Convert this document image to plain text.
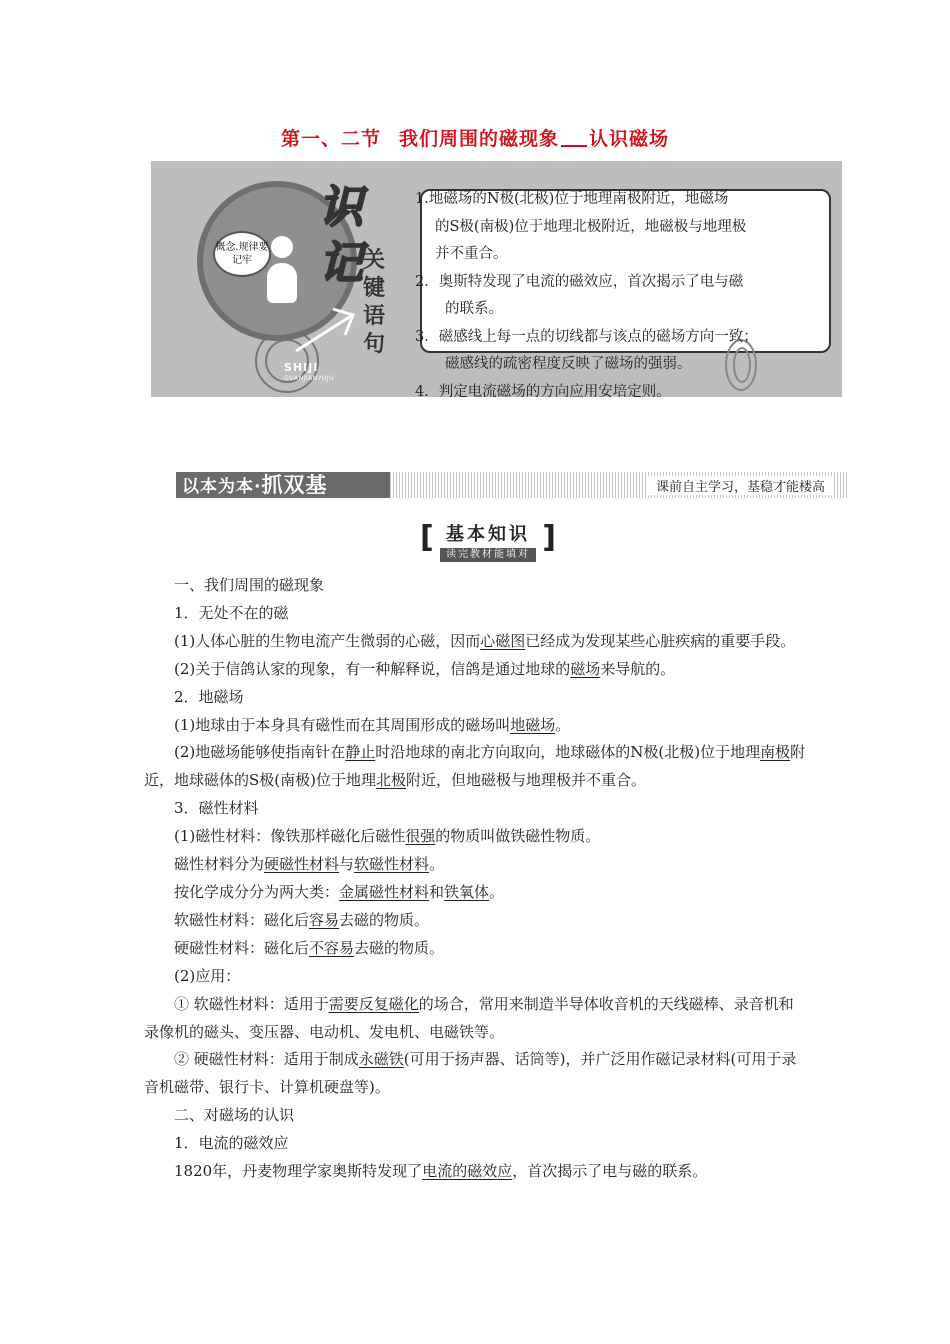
第一、二节 我们周围的磁现象 认识磁场
概念.规律要记牢
SHIJI
GUANJIANYUJU
识
记 关
键
语
句

1.地磁场的N极(北极)位于地理南极附近，地磁场

的S极(南极)位于地理北极附近，地磁极与地理极

并不重合。

2．奥斯特发现了电流的磁效应，首次揭示了电与磁

的联系。

3．磁感线上每一点的切线都与该点的磁场方向一致；

磁感线的疏密程度反映了磁场的强弱。

4．判定电流磁场的方向应用安培定则。

以本为本·抓双基	课前自主学习，基稳才能楼高
[	]
基本知识
读完教材能填对

一、我们周围的磁现象

1．无处不在的磁

(1)人体心脏的生物电流产生微弱的心磁，因而心磁图已经成为发现某些心脏疾病的重要手段。

(2)关于信鸽认家的现象，有一种解释说，信鸽是通过地球的磁场来导航的。

2．地磁场

(1)地球由于本身具有磁性而在其周围形成的磁场叫地磁场。

(2)地磁场能够使指南针在静止时沿地球的南北方向取向，地球磁体的N极(北极)位于地理南极附近，地球磁体的S极(南极)位于地理北极附近，但地磁极与地理极并不重合。

3．磁性材料

(1)磁性材料：像铁那样磁化后磁性很强的物质叫做铁磁性物质。

磁性材料分为硬磁性材料与软磁性材料。

按化学成分分为两大类：金属磁性材料和铁氧体。

软磁性材料：磁化后容易去磁的物质。

硬磁性材料：磁化后不容易去磁的物质。

(2)应用：

① 软磁性材料：适用于需要反复磁化的场合，常用来制造半导体收音机的天线磁棒、录音机和录像机的磁头、变压器、电动机、发电机、电磁铁等。

② 硬磁性材料：适用于制成永磁铁(可用于扬声器、话筒等)，并广泛用作磁记录材料(可用于录音机磁带、银行卡、计算机硬盘等)。

二、对磁场的认识

1．电流的磁效应

1820年，丹麦物理学家奥斯特发现了电流的磁效应，首次揭示了电与磁的联系。
